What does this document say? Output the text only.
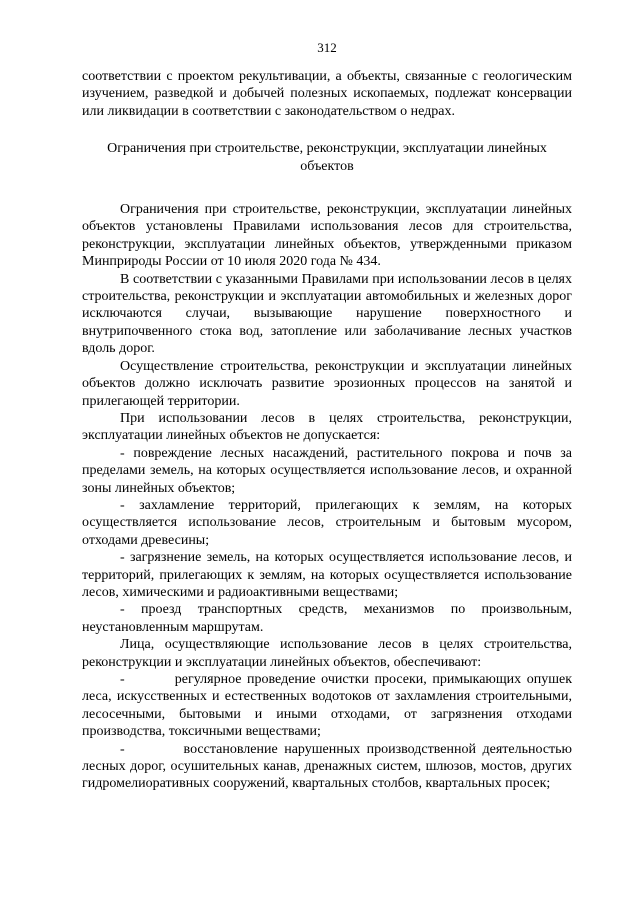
312

соответствии с проектом рекультивации, а объекты, связанные с геологическим изучением, разведкой и добычей полезных ископаемых, подлежат консервации или ликвидации в соответствии с законодательством о недрах.

Ограничения при строительстве, реконструкции, эксплуатации линейных объектов

Ограничения при строительстве, реконструкции, эксплуатации линейных объектов установлены Правилами использования лесов для строительства, реконструкции, эксплуатации линейных объектов, утвержденными приказом Минприроды России от 10 июля 2020 года № 434.

В соответствии с указанными Правилами при использовании лесов в целях строительства, реконструкции и эксплуатации автомобильных и железных дорог исключаются случаи, вызывающие нарушение поверхностного и внутрипочвенного стока вод, затопление или заболачивание лесных участков вдоль дорог.

Осуществление строительства, реконструкции и эксплуатации линейных объектов должно исключать развитие эрозионных процессов на занятой и прилегающей территории.

При использовании лесов в целях строительства, реконструкции, эксплуатации линейных объектов не допускается:

- повреждение лесных насаждений, растительного покрова и почв за пределами земель, на которых осуществляется использование лесов, и охранной зоны линейных объектов;

- захламление территорий, прилегающих к землям, на которых осуществляется использование лесов, строительным и бытовым мусором, отходами древесины;

- загрязнение земель, на которых осуществляется использование лесов, и территорий, прилегающих к землям, на которых осуществляется использование лесов, химическими и радиоактивными веществами;

- проезд транспортных средств, механизмов по произвольным, неустановленным маршрутам.

Лица, осуществляющие использование лесов в целях строительства, реконструкции и эксплуатации линейных объектов, обеспечивают:

-         регулярное проведение очистки просеки, примыкающих опушек леса, искусственных и естественных водотоков от захламления строительными, лесосечными, бытовыми и иными отходами, от загрязнения отходами производства, токсичными веществами;

-         восстановление нарушенных производственной деятельностью лесных дорог, осушительных канав, дренажных систем, шлюзов, мостов, других гидромелиоративных сооружений, квартальных столбов, квартальных просек;
